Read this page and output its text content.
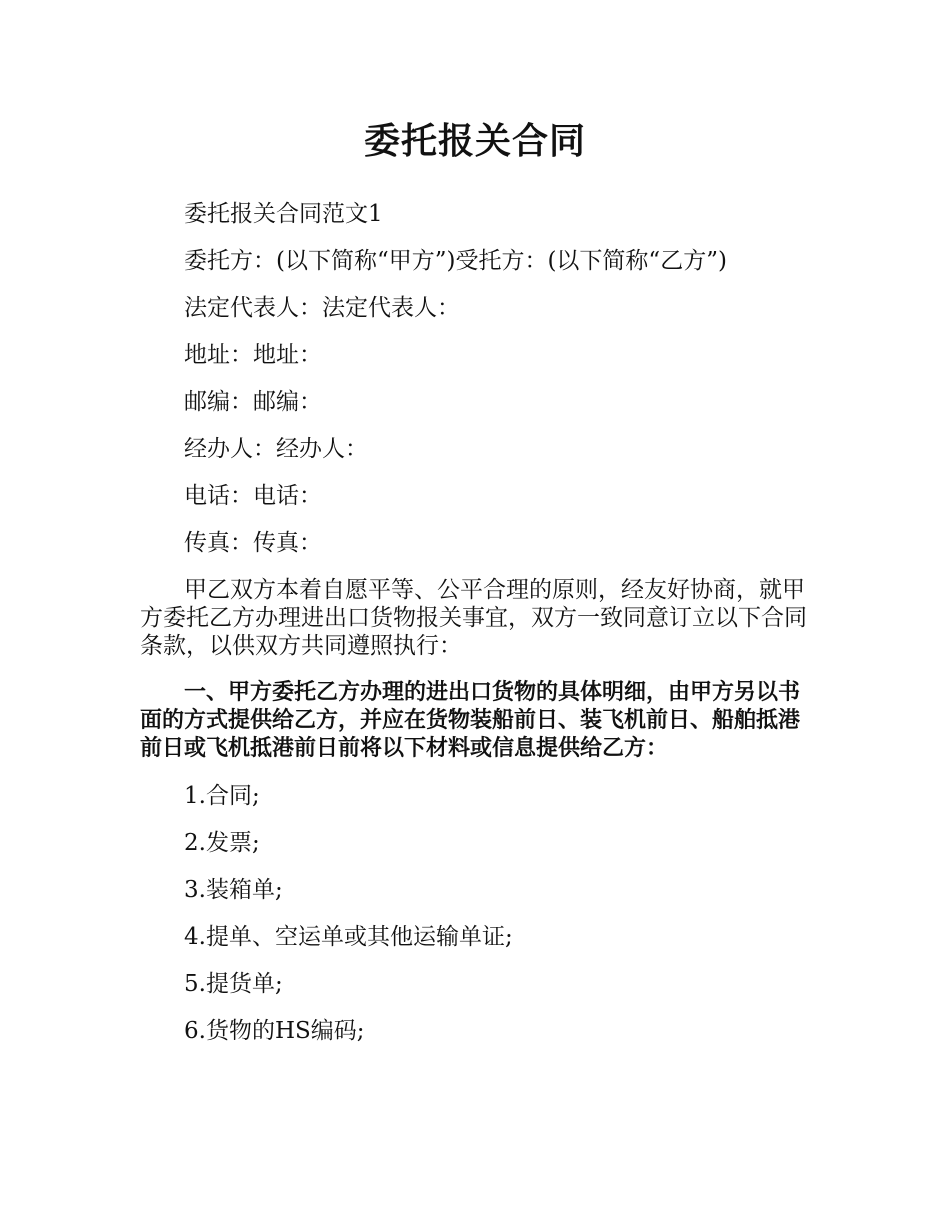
委托报关合同

委托报关合同范文1

委托方：(以下简称“甲方”)受托方：(以下简称“乙方”)

法定代表人：法定代表人：

地址：地址：

邮编：邮编：

经办人：经办人：

电话：电话：

传真：传真：

甲乙双方本着自愿平等、公平合理的原则，经友好协商，就甲方委托乙方办理进出口货物报关事宜，双方一致同意订立以下合同条款，以供双方共同遵照执行：

一、甲方委托乙方办理的进出口货物的具体明细，由甲方另以书面的方式提供给乙方，并应在货物装船前日、装飞机前日、船舶抵港前日或飞机抵港前日前将以下材料或信息提供给乙方：

1.合同;

2.发票;

3.装箱单;

4.提单、空运单或其他运输单证;

5.提货单;

6.货物的HS编码;
